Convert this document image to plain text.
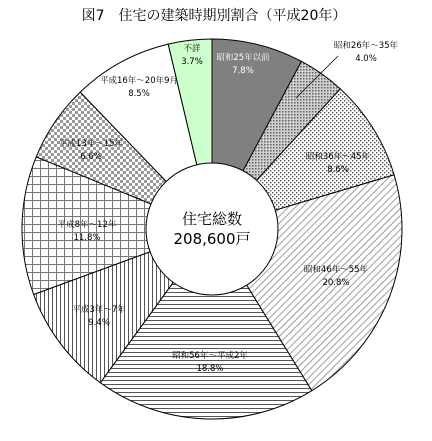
図7　住宅の建築時期別割合（平成20年）
昭和25年以前
7.8%
昭和26年～35年
4.0%
昭和36年～45年
8.6%
昭和46年～55年
20.8%
昭和56年～平成2年
18.8%
平成3年～7年
9.4%
平成8年～12年
11.8%
平成13年～15年
6.6%
平成16年～20年9月
8.5%
不詳
3.7%
住宅総数
208,600戸
